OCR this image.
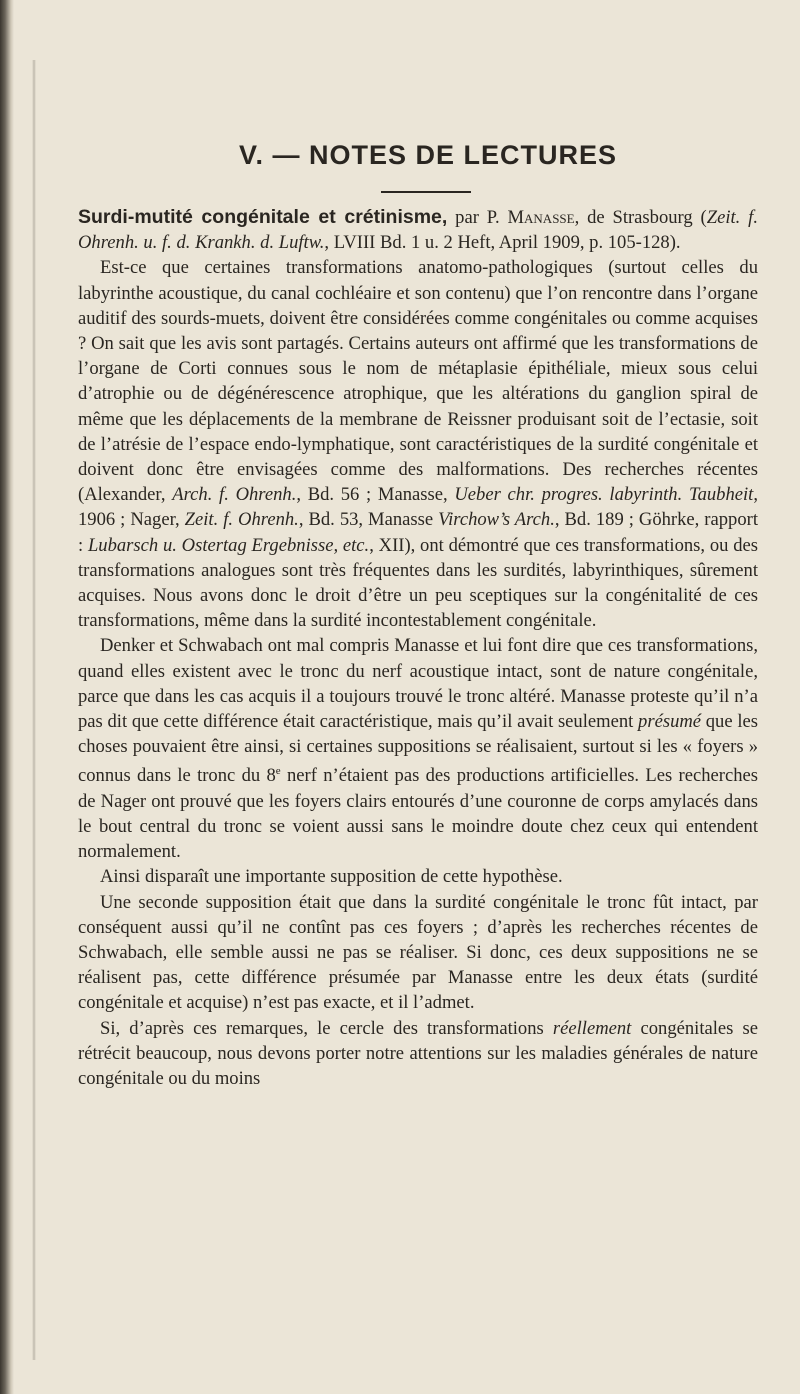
V. — NOTES DE LECTURES

Surdi-mutité congénitale et crétinisme, par P. Manasse, de Strasbourg (Zeit. f. Ohrenh. u. f. d. Krankh. d. Luftw., LVIII Bd. 1 u. 2 Heft, April 1909, p. 105-128).

Est-ce que certaines transformations anatomo-pathologiques (surtout celles du labyrinthe acoustique, du canal cochléaire et son contenu) que l’on rencontre dans l’organe auditif des sourds-muets, doivent être considérées comme congénitales ou comme acquises ? On sait que les avis sont partagés. Certains auteurs ont affirmé que les transformations de l’organe de Corti connues sous le nom de métaplasie épithéliale, mieux sous celui d’atrophie ou de dégénérescence atrophique, que les altérations du ganglion spiral de même que les déplacements de la membrane de Reissner produisant soit de l’ectasie, soit de l’atrésie de l’espace endo-lymphatique, sont caractéristiques de la surdité congénitale et doivent donc être envisagées comme des malformations. Des recherches récentes (Alexander, Arch. f. Ohrenh., Bd. 56 ; Manasse, Ueber chr. progres. labyrinth. Taubheit, 1906 ; Nager, Zeit. f. Ohrenh., Bd. 53, Manasse Virchow’s Arch., Bd. 189 ; Göhrke, rapport : Lubarsch u. Ostertag Ergebnisse, etc., XII), ont démontré que ces transformations, ou des transformations analogues sont très fréquentes dans les surdités, labyrinthiques, sûrement acquises. Nous avons donc le droit d’être un peu sceptiques sur la congénitalité de ces transformations, même dans la surdité incontestablement congénitale.

Denker et Schwabach ont mal compris Manasse et lui font dire que ces transformations, quand elles existent avec le tronc du nerf acoustique intact, sont de nature congénitale, parce que dans les cas acquis il a toujours trouvé le tronc altéré. Manasse proteste qu’il n’a pas dit que cette différence était caractéristique, mais qu’il avait seulement présumé que les choses pouvaient être ainsi, si certaines suppositions se réalisaient, surtout si les « foyers » connus dans le tronc du 8e nerf n’étaient pas des productions artificielles. Les recherches de Nager ont prouvé que les foyers clairs entourés d’une couronne de corps amylacés dans le bout central du tronc se voient aussi sans le moindre doute chez ceux qui entendent normalement.

Ainsi disparaît une importante supposition de cette hypothèse.

Une seconde supposition était que dans la surdité congénitale le tronc fût intact, par conséquent aussi qu’il ne contînt pas ces foyers ; d’après les recherches récentes de Schwabach, elle semble aussi ne pas se réaliser. Si donc, ces deux suppositions ne se réalisent pas, cette différence présumée par Manasse entre les deux états (surdité congénitale et acquise) n’est pas exacte, et il l’admet.

Si, d’après ces remarques, le cercle des transformations réellement congénitales se rétrécit beaucoup, nous devons porter notre attentions sur les maladies générales de nature congénitale ou du moins
